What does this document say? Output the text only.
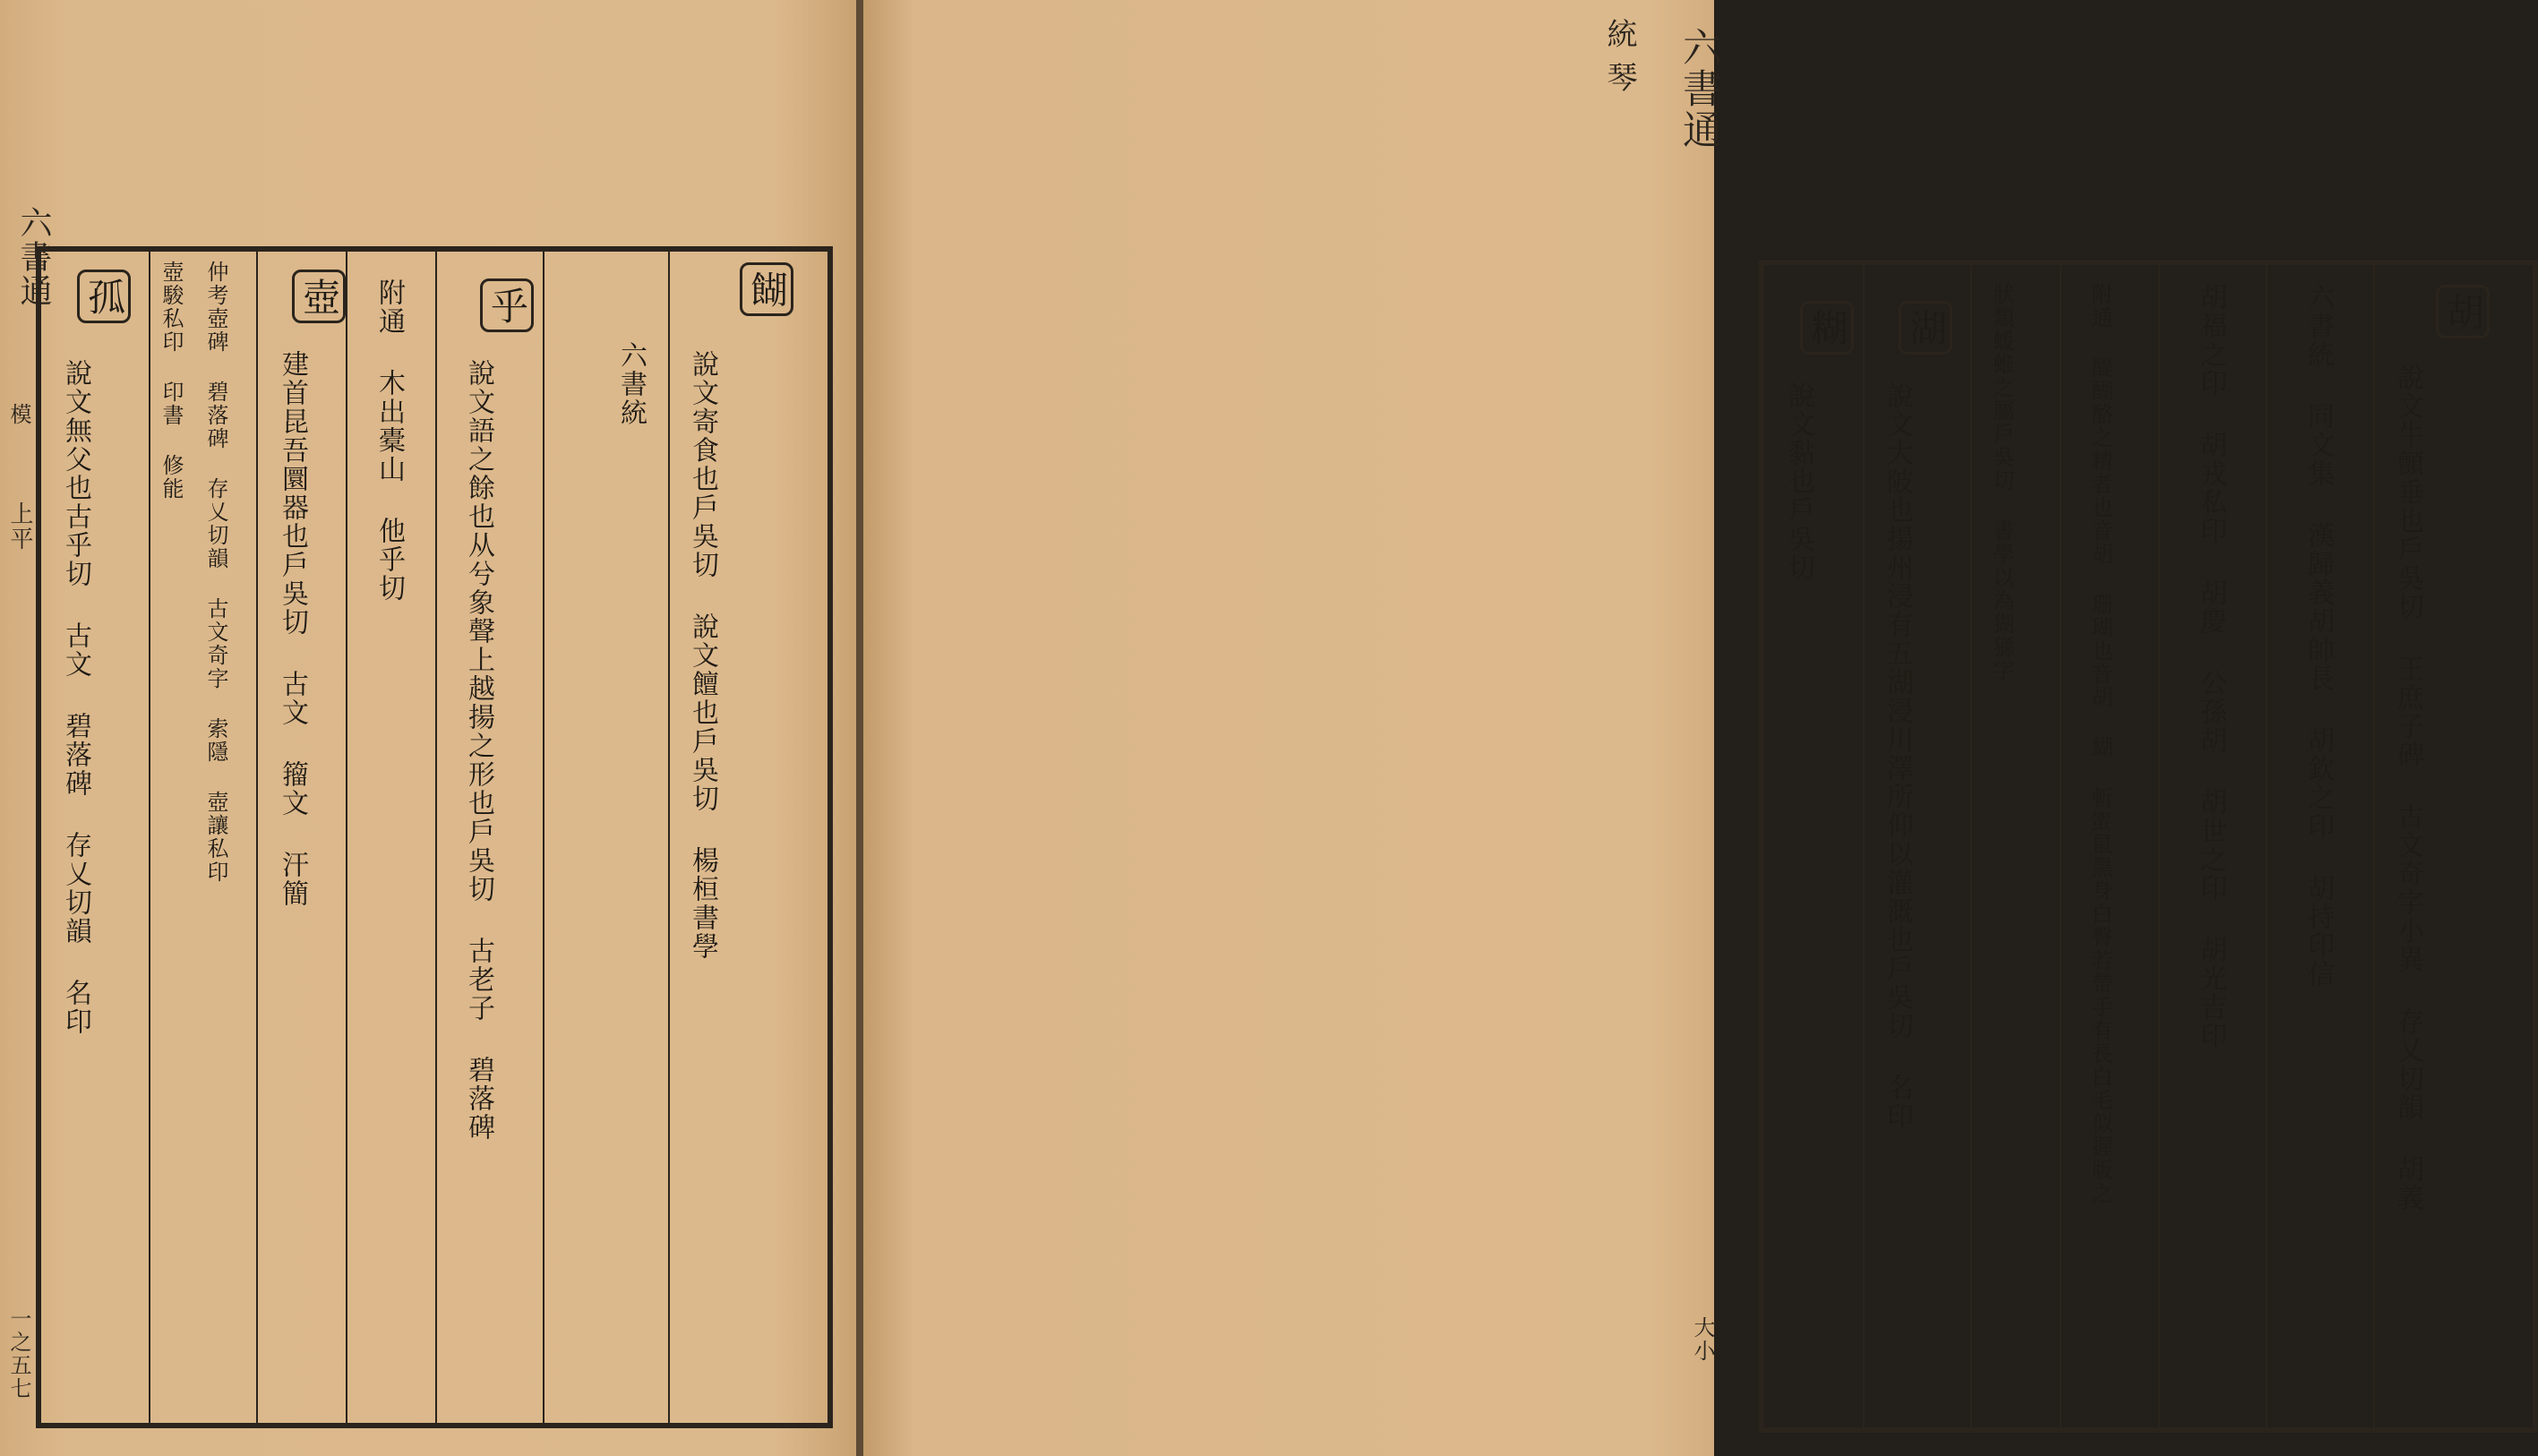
六書通
模
上平
一之五七
餬
說文寄食也戶吳切 說文饘也戶吳切 楊桓書學
六書統
乎
說文語之餘也从兮象聲上越揚之形也戶吳切 古老子 碧落碑
附通 木出橐山 他乎切
壺
建首昆吾圜器也戶吳切 古文 籀文 汗簡
仲考壺碑 碧落碑 存乂切韻 古文奇字 索隱 壺讓私印
壺駿私印 印書 修能
孤
說文無父也古乎切 古文 碧落碑 存乂切韻 名印
六書通
統 琴
大小
胡
說文牛顫垂也戶吳切 王庶子碑 古文奇字小異 存乂切韻 胡義
六書統 同文集 漢歸義胡帥長 胡欽之印 胡持印信
胡福之印 胡戎私印 胡慶 公孫胡 胡世之印 胡光吉印
附通 醍醐酪之精者也音胡 珊瑚也音胡 蝴 斬𧉪鼠黑身白臀若帶手有長白毛似握版之
狀類蝯蜼之屬戶吳切 書學以為猢猻字
湖
說文大陂也揚州浸有五湖浸川澤所仰以灌溉也戶吳切 名印
糊
說文黏也戶吳切
